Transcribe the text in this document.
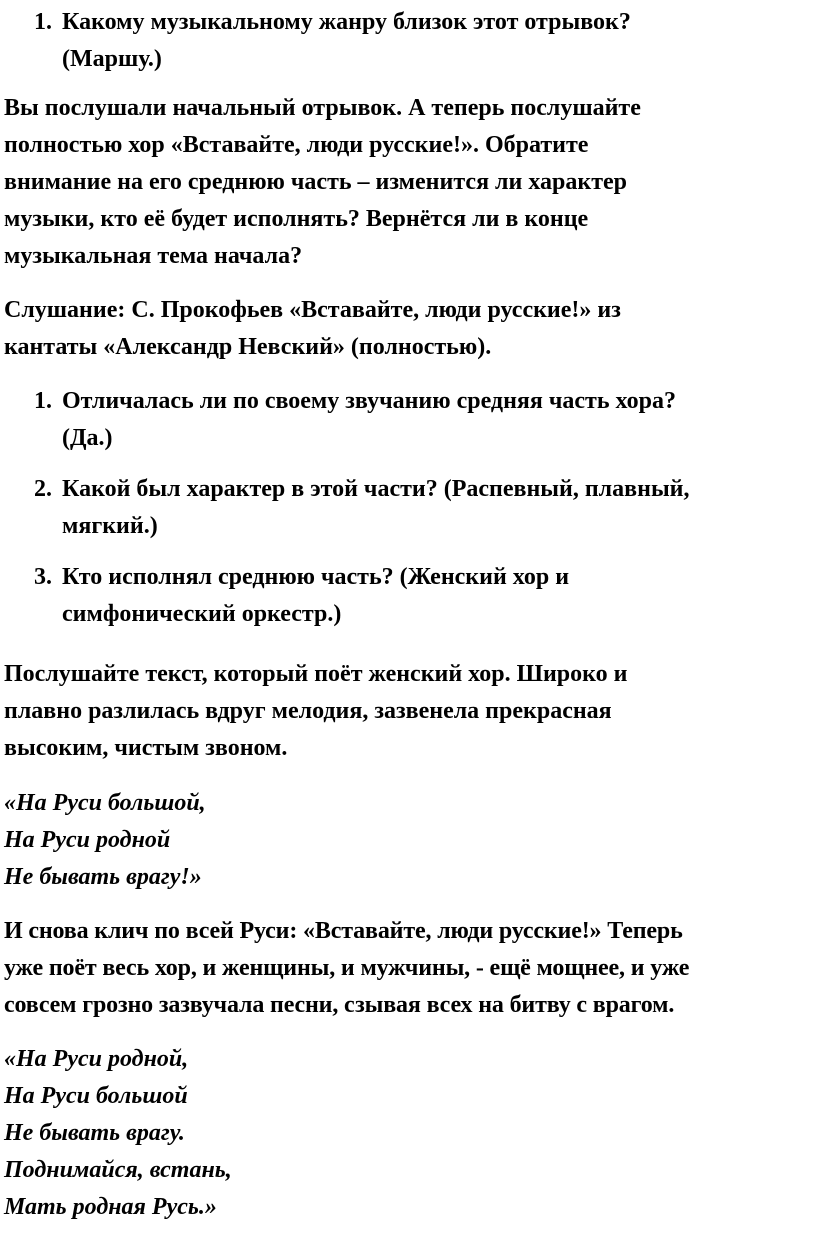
1. Какому музыкальному жанру близок этот отрывок?
(Маршу.)

Вы послушали начальный отрывок. А теперь послушайте
полностью хор «Вставайте, люди русские!». Обратите
внимание на его среднюю часть – изменится ли характер
музыки, кто её будет исполнять? Вернётся ли в конце
музыкальная тема начала?

Слушание: С. Прокофьев «Вставайте, люди русские!» из
кантаты «Александр Невский» (полностью).

1. Отличалась ли по своему звучанию средняя часть хора?
(Да.)
2. Какой был характер в этой части? (Распевный, плавный,
мягкий.)
3. Кто исполнял среднюю часть? (Женский хор и
симфонический оркестр.)

Послушайте текст, который поёт женский хор. Широко и
плавно разлилась вдруг мелодия, зазвенела прекрасная
высоким, чистым звоном.

«На Руси большой,
На Руси родной
Не бывать врагу!»

И снова клич по всей Руси: «Вставайте, люди русские!» Теперь
уже поёт весь хор, и женщины, и мужчины, - ещё мощнее, и уже
совсем грозно зазвучала песни, сзывая всех на битву с врагом.

«На Руси родной,
На Руси большой
Не бывать врагу.
Поднимайся, встань,
Мать родная Русь.»
